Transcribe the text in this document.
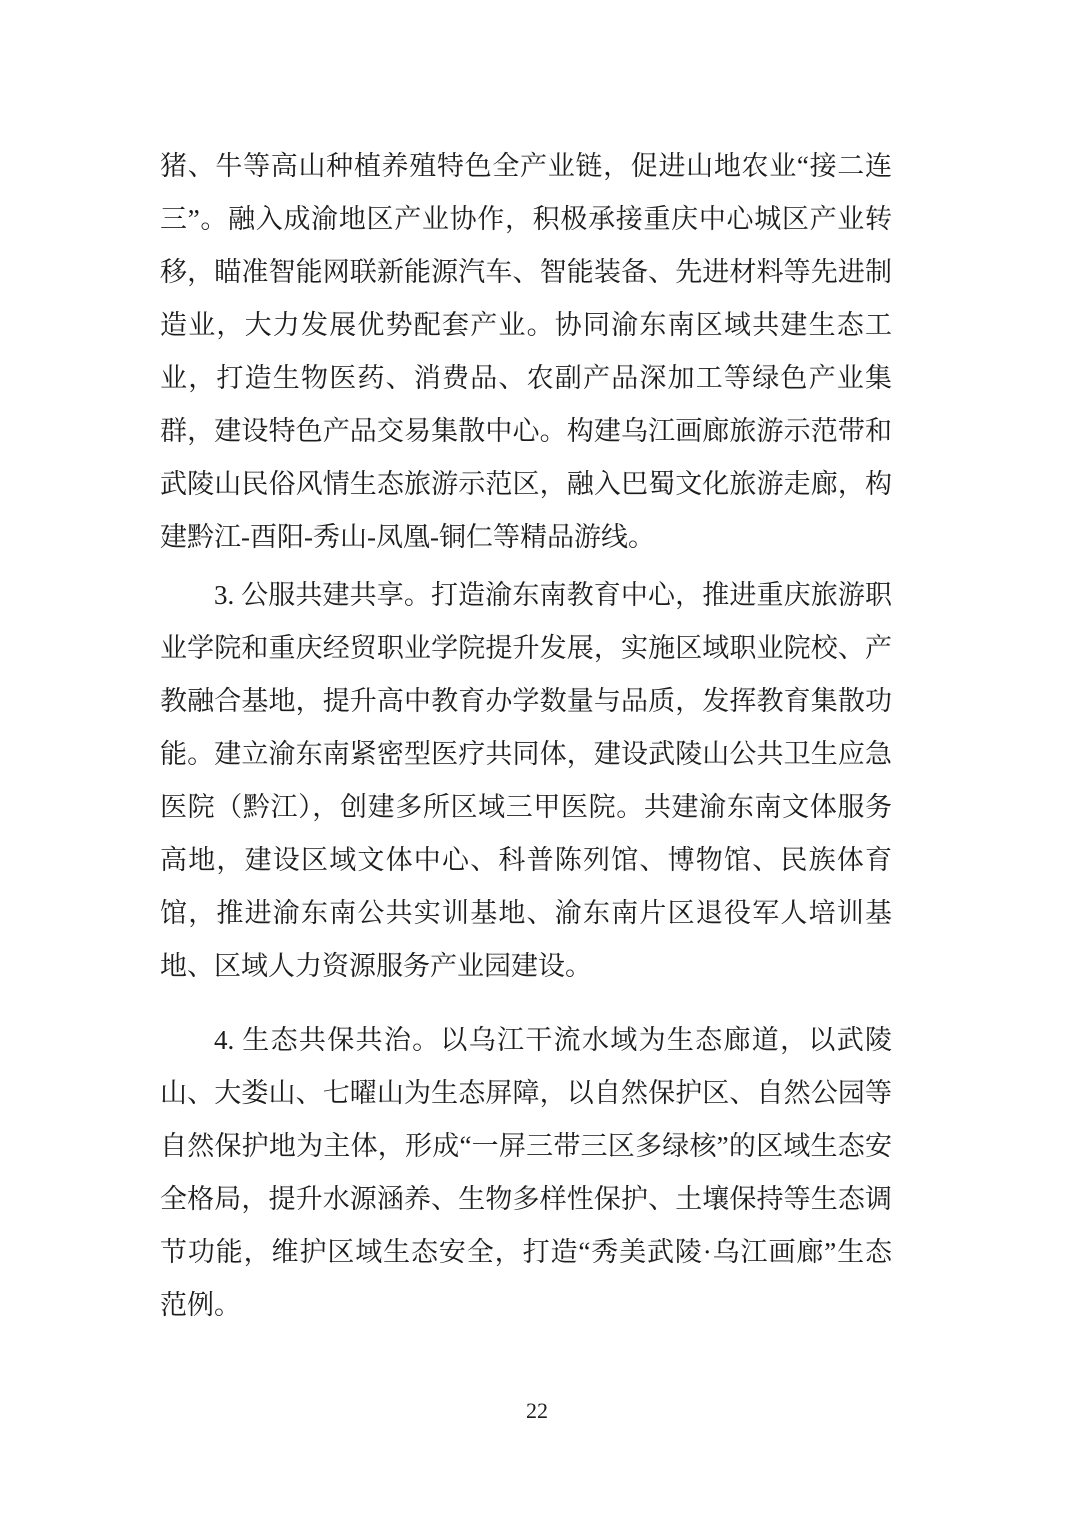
猪、牛等高山种植养殖特色全产业链，促进山地农业“接二连三”。融入成渝地区产业协作，积极承接重庆中心城区产业转移，瞄准智能网联新能源汽车、智能装备、先进材料等先进制造业，大力发展优势配套产业。协同渝东南区域共建生态工业，打造生物医药、消费品、农副产品深加工等绿色产业集群，建设特色产品交易集散中心。构建乌江画廊旅游示范带和武陵山民俗风情生态旅游示范区，融入巴蜀文化旅游走廊，构建黔江-酉阳-秀山-凤凰-铜仁等精品游线。

3. 公服共建共享。打造渝东南教育中心，推进重庆旅游职业学院和重庆经贸职业学院提升发展，实施区域职业院校、产教融合基地，提升高中教育办学数量与品质，发挥教育集散功能。建立渝东南紧密型医疗共同体，建设武陵山公共卫生应急医院（黔江），创建多所区域三甲医院。共建渝东南文体服务高地，建设区域文体中心、科普陈列馆、博物馆、民族体育馆，推进渝东南公共实训基地、渝东南片区退役军人培训基地、区域人力资源服务产业园建设。

4. 生态共保共治。以乌江干流水域为生态廊道，以武陵山、大娄山、七曜山为生态屏障，以自然保护区、自然公园等自然保护地为主体，形成“一屏三带三区多绿核”的区域生态安全格局，提升水源涵养、生物多样性保护、土壤保持等生态调节功能，维护区域生态安全，打造“秀美武陵·乌江画廊”生态范例。

22
